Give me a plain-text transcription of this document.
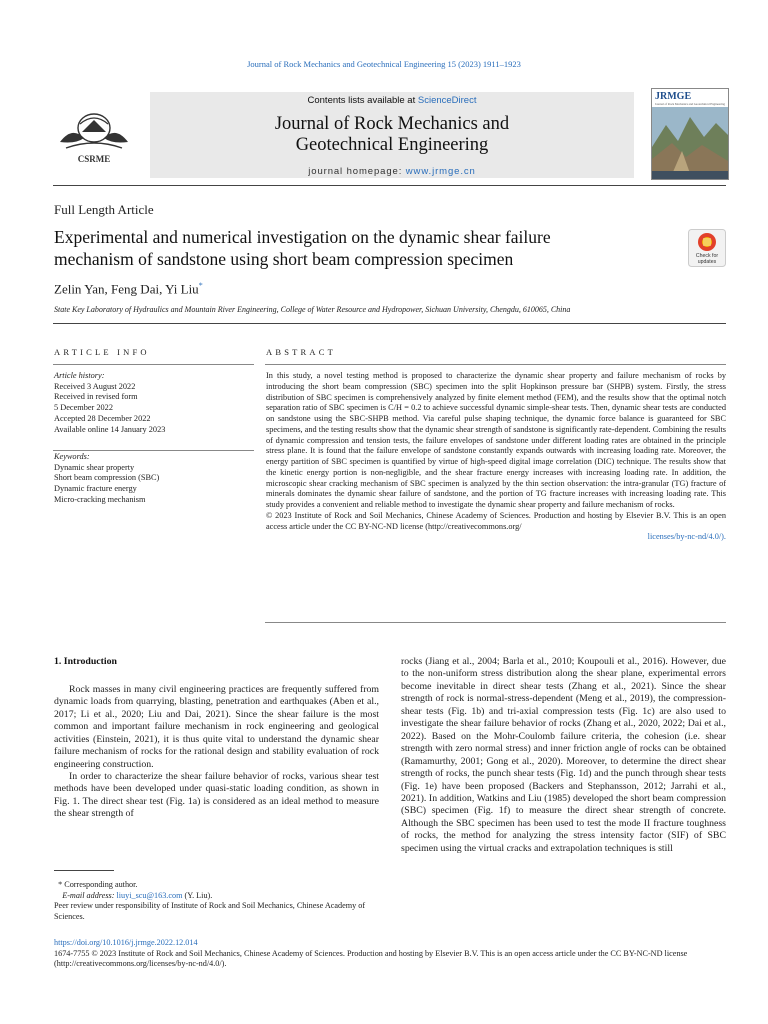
Journal of Rock Mechanics and Geotechnical Engineering 15 (2023) 1911–1923
CSRME
Contents lists available at ScienceDirect
Journal of Rock Mechanics and
Geotechnical Engineering
journal homepage: www.jrmge.cn
JRMGE
Journal of Rock Mechanics and Geotechnical Engineering
Full Length Article
Experimental and numerical investigation on the dynamic shear failure
mechanism of sandstone using short beam compression specimen	Check for
updates
Zelin Yan, Feng Dai, Yi Liu*
State Key Laboratory of Hydraulics and Mountain River Engineering, College of Water Resource and Hydropower, Sichuan University, Chengdu, 610065, China
ARTICLE INFO	ABSTRACT
Article history:
Received 3 August 2022
Received in revised form
5 December 2022
Accepted 28 December 2022
Available online 14 January 2023
Keywords:
Dynamic shear property
Short beam compression (SBC)
Dynamic fracture energy
Micro-cracking mechanism
In this study, a novel testing method is proposed to characterize the dynamic shear property and failure mechanism of rocks by introducing the short beam compression (SBC) specimen into the split Hopkinson pressure bar (SHPB) system. Firstly, the stress distribution of SBC specimen is comprehensively analyzed by finite element method (FEM), and the results show that the optimal notch separation ratio of SBC specimen is C/H = 0.2 to achieve successful dynamic simple-shear tests. Then, dynamic shear tests are conducted on sandstone using the SBC-SHPB method. Via careful pulse shaping technique, the dynamic force balance is guaranteed for SBC specimens, and the testing results show that the dynamic shear strength of sandstone is significantly rate-dependent. Combining the results of dynamic compression and tension tests, the failure envelopes of sandstone under different loading rates are obtained in the principle stress plane. It is found that the failure envelope of sandstone constantly expands outwards with increasing loading rate. Moreover, the energy partition of SBC specimen is quantified by virtue of high-speed digital image correlation (DIC) technique. The results show that the kinetic energy portion is non-negligible, and the shear fracture energy increases with increasing loading rate. In addition, the microscopic shear cracking mechanism of SBC specimen is analyzed by the thin section observation: the intra-granular (TG) fracture of minerals dominates the dynamic shear failure of sandstone, and the portion of TG fracture increases with increasing loading rate. This study provides a convenient and reliable method to investigate the dynamic shear property and failure mechanism of rocks.
© 2023 Institute of Rock and Soil Mechanics, Chinese Academy of Sciences. Production and hosting by Elsevier B.V. This is an open access article under the CC BY-NC-ND license (http://creativecommons.org/
licenses/by-nc-nd/4.0/).
1. Introduction
Rock masses in many civil engineering practices are frequently suffered from dynamic loads from quarrying, blasting, penetration and earthquakes (Aben et al., 2017; Li et al., 2020; Liu and Dai, 2021). Since the shear failure is the most common and important failure mechanism in rock engineering and geological activities (Einstein, 2021), it is thus quite vital to understand the dynamic shear failure mechanism of rocks for the rational design and stability evaluation of rock engineering construction.
In order to characterize the shear failure behavior of rocks, various shear test methods have been developed under quasi-static loading condition, as shown in Fig. 1. The direct shear test (Fig. 1a) is considered as an ideal method to measure the shear strength of
rocks (Jiang et al., 2004; Barla et al., 2010; Koupouli et al., 2016). However, due to the non-uniform stress distribution along the shear plane, experimental errors become inevitable in direct shear tests (Zhang et al., 2021). Since the shear strength of rock is normal-stress-dependent (Meng et al., 2019), the compression-shear tests (Fig. 1b) and tri-axial compression tests (Fig. 1c) are also used to investigate the shear failure behavior of rocks (Zhang et al., 2020, 2022; Dai et al., 2022). Based on the Mohr-Coulomb failure criteria, the cohesion (i.e. shear strength with zero normal stress) and inner friction angle of rocks can be obtained (Ramamurthy, 2001; Gong et al., 2020). Moreover, to determine the direct shear strength of rocks, the punch shear tests (Fig. 1d) and the punch through shear tests (Fig. 1e) have been proposed (Backers and Stephansson, 2012; Jarrahi et al., 2021). In addition, Watkins and Liu (1985) developed the short beam compression (SBC) specimen (Fig. 1f) to measure the direct shear strength of concrete. Although the SBC specimen has been used to test the mode II fracture toughness of rocks, the method for analyzing the stress intensity factor (SIF) of SBC specimen using the virtual cracks and extrapolation techniques is still
* Corresponding author.
E-mail address: liuyi_scu@163.com (Y. Liu).
Peer review under responsibility of Institute of Rock and Soil Mechanics, Chinese Academy of Sciences.
https://doi.org/10.1016/j.jrmge.2022.12.014
1674-7755 © 2023 Institute of Rock and Soil Mechanics, Chinese Academy of Sciences. Production and hosting by Elsevier B.V. This is an open access article under the CC BY-NC-ND license (http://creativecommons.org/licenses/by-nc-nd/4.0/).
